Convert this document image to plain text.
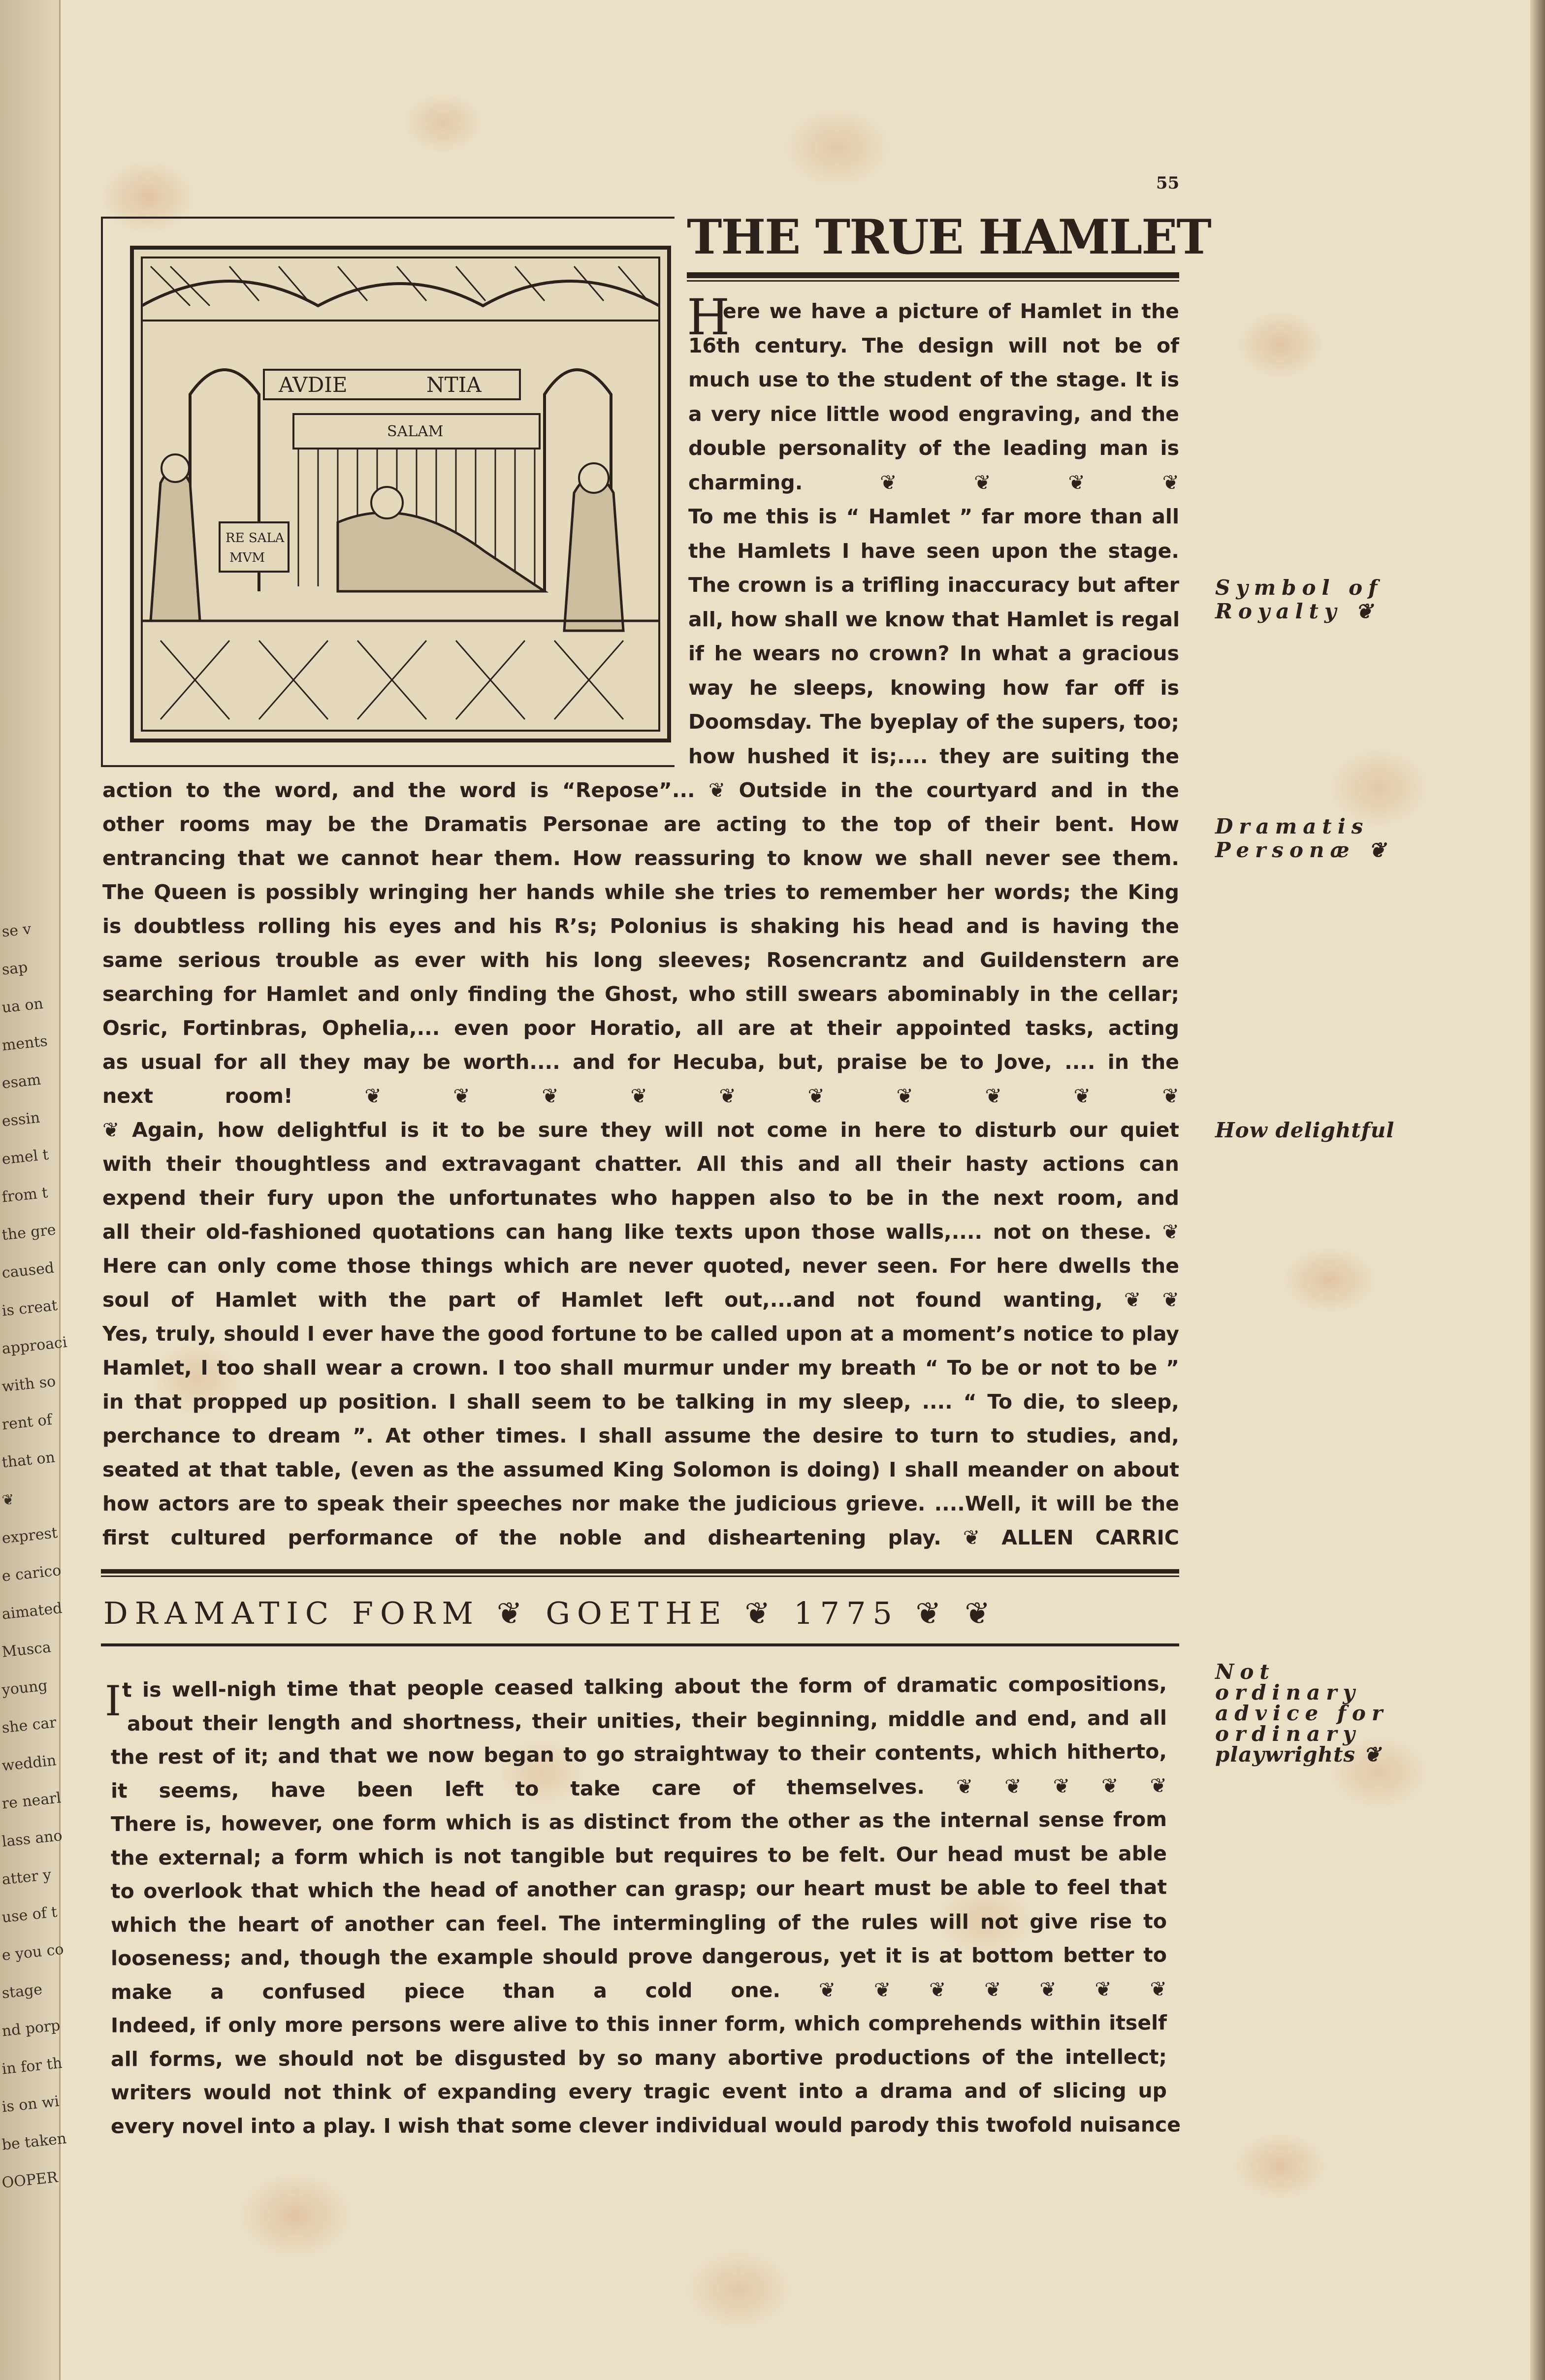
se v
sap
ua on
ments
esam
essin
emel t
from t
the gre
caused
is creat
approaci
with so
rent of
that on
❦
exprest
e carico
aimated
Musca
young
she car
weddin
re nearl
lass ano
atter y
use of t
e you co
stage
nd porp
in for th
is on wi
be taken
OOPER
55
AVDIE	NTIA
SALAM
RE SALA
MVM
THE TRUE HAMLET
H
ere we have a picture of Hamlet in the
16th century. The design will not be of
much use to the student of the stage. It is
a very nice little wood engraving, and the
double personality of the leading man is
charming. ❦ ❦ ❦ ❦
To me this is “ Hamlet ” far more than all
the Hamlets I have seen upon the stage.
The crown is a trifling inaccuracy but after
all, how shall we know that Hamlet is regal
if he wears no crown? In what a gracious
way he sleeps, knowing how far off is
Doomsday. The byeplay of the supers, too;
how hushed it is;.... they are suiting the
action to the word, and the word is “Repose”... ❦ Outside in the courtyard and in the
other rooms may be the Dramatis Personae are acting to the top of their bent. How
entrancing that we cannot hear them. How reassuring to know we shall never see them.
The Queen is possibly wringing her hands while she tries to remember her words; the King
is doubtless rolling his eyes and his R’s; Polonius is shaking his head and is having the
same serious trouble as ever with his long sleeves; Rosencrantz and Guildenstern are
searching for Hamlet and only finding the Ghost, who still swears abominably in the cellar;
Osric, Fortinbras, Ophelia,... even poor Horatio, all are at their appointed tasks, acting
as usual for all they may be worth.... and for Hecuba, but, praise be to Jove, .... in the
next room! ❦ ❦ ❦ ❦ ❦ ❦ ❦ ❦ ❦ ❦
❦ Again, how delightful is it to be sure they will not come in here to disturb our quiet
with their thoughtless and extravagant chatter. All this and all their hasty actions can
expend their fury upon the unfortunates who happen also to be in the next room, and
all their old-fashioned quotations can hang like texts upon those walls,.... not on these. ❦
Here can only come those things which are never quoted, never seen. For here dwells the
soul of Hamlet with the part of Hamlet left out,...and not found wanting, ❦ ❦
Yes, truly, should I ever have the good fortune to be called upon at a moment’s notice to play
Hamlet, I too shall wear a crown. I too shall murmur under my breath “ To be or not to be ”
in that propped up position. I shall seem to be talking in my sleep, .... “ To die, to sleep,
perchance to dream ”. At other times. I shall assume the desire to turn to studies, and,
seated at that table, (even as the assumed King Solomon is doing) I shall meander on about
how actors are to speak their speeches nor make the judicious grieve. ....Well, it will be the
first cultured performance of the noble and disheartening play. ❦ ALLEN CARRIC
Symbol of
Royalty ❦
Dramatis
Personæ ❦
How delightful
Not ordinary
advice for
ordinary
playwrights ❦
DRAMATIC FORM ❦ GOETHE ❦ 1775 ❦ ❦
I t is well-nigh time that people ceased talking about the form of dramatic compositions,
about their length and shortness, their unities, their beginning, middle and end, and all
the rest of it; and that we now began to go straightway to their contents, which hitherto,
it seems, have been left to take care of themselves. ❦ ❦ ❦ ❦ ❦
There is, however, one form which is as distinct from the other as the internal sense from
the external; a form which is not tangible but requires to be felt. Our head must be able
to overlook that which the head of another can grasp; our heart must be able to feel that
which the heart of another can feel. The intermingling of the rules will not give rise to
looseness; and, though the example should prove dangerous, yet it is at bottom better to
make a confused piece than a cold one. ❦ ❦ ❦ ❦ ❦ ❦ ❦
Indeed, if only more persons were alive to this inner form, which comprehends within itself
all forms, we should not be disgusted by so many abortive productions of the intellect;
writers would not think of expanding every tragic event into a drama and of slicing up
every novel into a play. I wish that some clever individual would parody this twofold nuisance
